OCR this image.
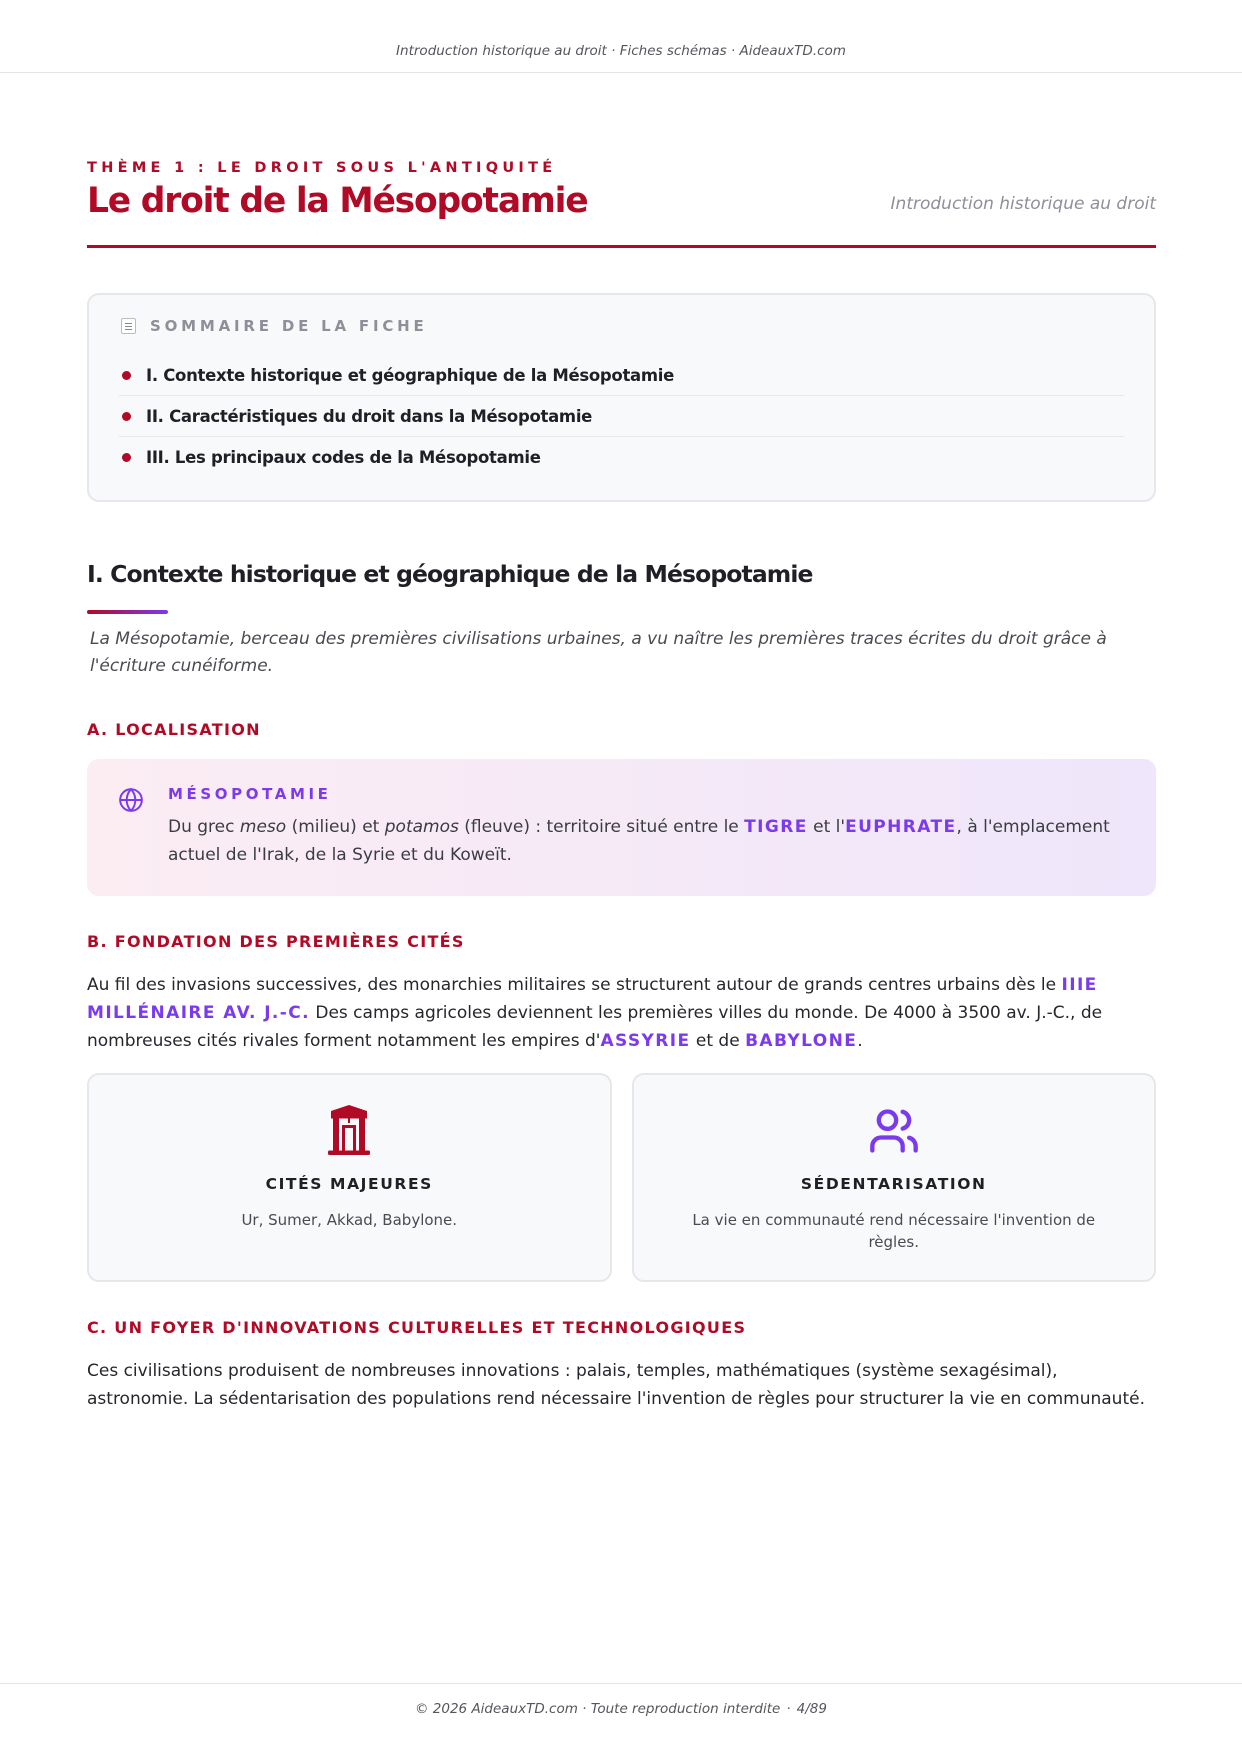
Introduction historique au droit · Fiches schémas · AideauxTD.com
THÈME 1 : LE DROIT SOUS L'ANTIQUITÉ
Le droit de la Mésopotamie	Introduction historique au droit
SOMMAIRE DE LA FICHE
I. Contexte historique et géographique de la Mésopotamie
II. Caractéristiques du droit dans la Mésopotamie
III. Les principaux codes de la Mésopotamie
I. Contexte historique et géographique de la Mésopotamie

La Mésopotamie, berceau des premières civilisations urbaines, a vu naître les premières traces écrites du droit grâce à l'écriture cunéiforme.

A. LOCALISATION
MÉSOPOTAMIE
Du grec meso (milieu) et potamos (fleuve) : territoire situé entre le TIGRE et l'EUPHRATE, à l'emplacement actuel de l'Irak, de la Syrie et du Koweït.
B. FONDATION DES PREMIÈRES CITÉS

Au fil des invasions successives, des monarchies militaires se structurent autour de grands centres urbains dès le IIIE MILLÉNAIRE AV. J.-C. Des camps agricoles deviennent les premières villes du monde. De 4000 à 3500 av. J.-C., de nombreuses cités rivales forment notamment les empires d'ASSYRIE et de BABYLONE.

CITÉS MAJEURES
Ur, Sumer, Akkad, Babylone.
SÉDENTARISATION
La vie en communauté rend nécessaire l'invention de règles.
C. UN FOYER D'INNOVATIONS CULTURELLES ET TECHNOLOGIQUES

Ces civilisations produisent de nombreuses innovations : palais, temples, mathématiques (système sexagésimal), astronomie. La sédentarisation des populations rend nécessaire l'invention de règles pour structurer la vie en communauté.

© 2026 AideauxTD.com · Toute reproduction interdite · 4/89
